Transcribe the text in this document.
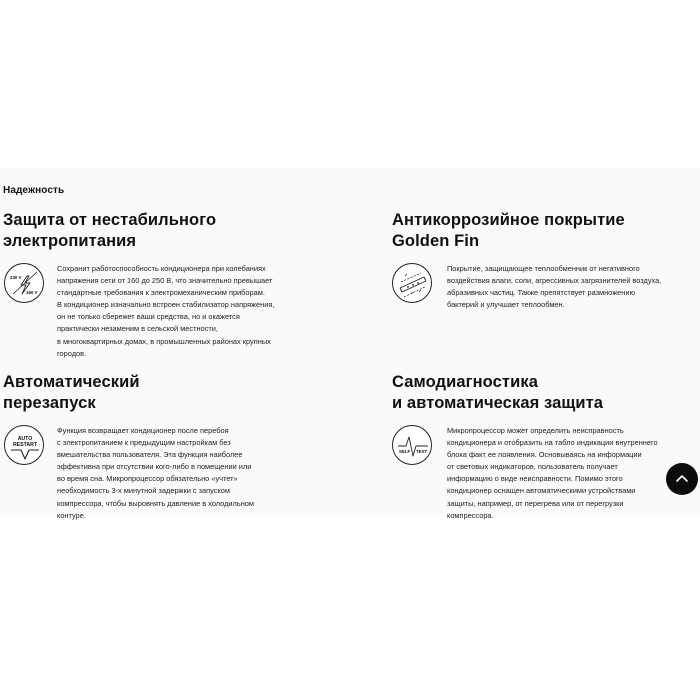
Надежность
Защита от нестабильного
электропитания
230 V
160 V
Сохранит работоспособность кондиционера при колебаниях
напряжения сети от 160 до 250 В, что значительно превышает
стандартные требования к электромеханическим приборам.
В кондиционер изначально встроен стабилизатор напряжения,
он не только сбережет ваши средства, но и окажется
практически незаменим в сельской местности,
в многоквартирных домах, в промышленных районах крупных
городов.
Антикоррозийное покрытие
Golden Fin
Покрытие, защищающее теплообменник от негативного
воздействия влаги, соли, агрессивных загрязнителей воздуха,
абразивных частиц. Также препятствует размножению
бактерий и улучшает теплообмен.
Автоматический
перезапуск
AUTO
RESTART
Функция возвращает кондиционер после перебоя
с электропитанием к предыдущим настройкам без
вмешательства пользователя. Эта функция наиболее
эффективна при отсутствии кого-либо в помещении или
во время сна. Микропроцессор обязательно «учтет»
необходимость 3-х минутной задержки с запуском
компрессора, чтобы выровнять давление в холодильном
контуре.
Самодиагностика
и автоматическая защита
SELF TEST
Микропроцессор может определить неисправность
кондиционера и отобразить на табло индикации внутреннего
блока факт ее появления. Основываясь на информации
от световых индикаторов, пользователь получает
информацию о виде неисправности. Помимо этого
кондиционер оснащен автоматическими устройствами
защиты, например, от перегрева или от перегрузки
компрессора.
